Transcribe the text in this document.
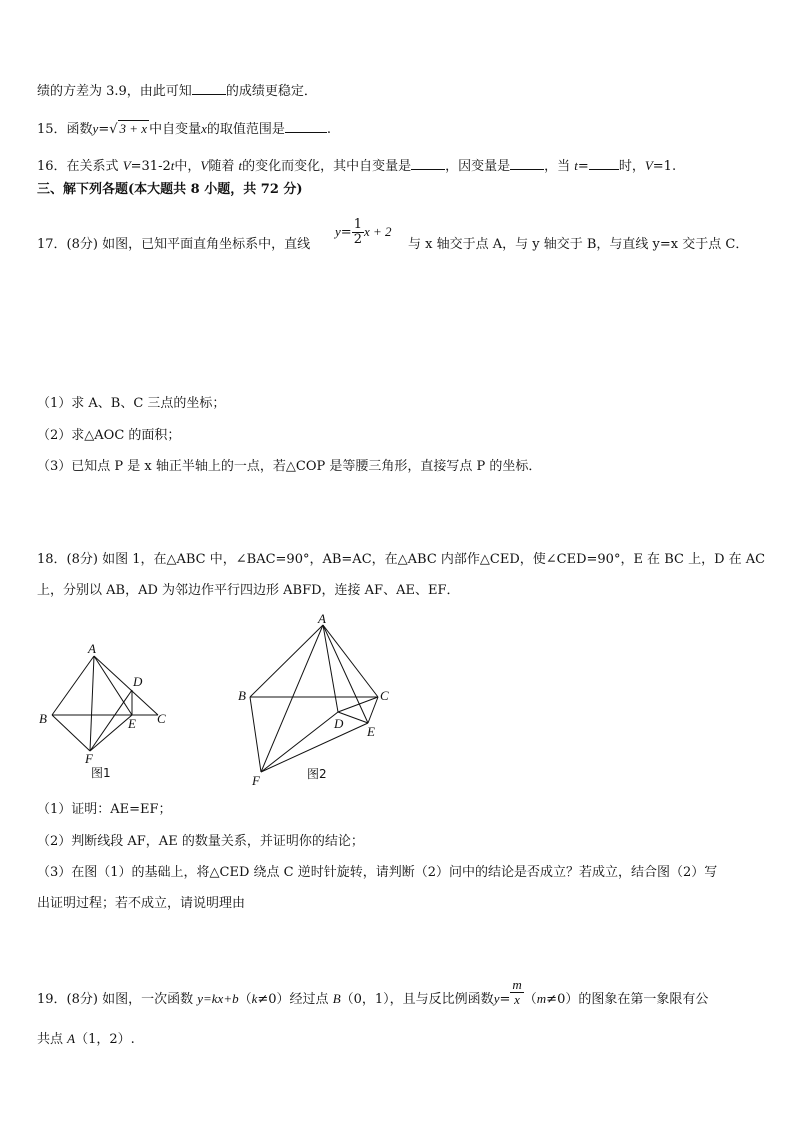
绩的方差为 3.9，由此可知	的成绩更稳定．
15．函数y=√ 3 + x 中自变量x的取值范围是	.
16．在关系式 V=31-2t中，V随着 t的变化而变化，其中自变量是	，因变量是	，当 t= 时，V=1.
三、解下列各题(本大题共 8 小题，共 72 分)
17．(8分) 如图，已知平面直角坐标系中，直线
$y= \frac{1}{2}$ x + 2
与 x 轴交于点 A，与 y 轴交于 B，与直线 y=x 交于点 C．
（1）求 A、B、C 三点的坐标；
（2）求△AOC 的面积；
（3）已知点 P 是 x 轴正半轴上的一点，若△COP 是等腰三角形，直接写点 P 的坐标．
18．(8分) 如图 1，在△ABC 中，∠BAC=90°，AB=AC，在△ABC 内部作△CED，使∠CED=90°，E 在 BC 上，D 在 AC
上，分别以 AB，AD 为邻边作平行四边形 ABFD，连接 AF、AE、EF．
A
B	C
D
E
F
图1
A
B	C
D
E
F	图2
（1）证明：AE=EF；
（2）判断线段 AF，AE 的数量关系，并证明你的结论；
（3）在图（1）的基础上，将△CED 绕点 C 逆时针旋转，请判断（2）问中的结论是否成立？若成立，结合图（2）写
出证明过程；若不成立，请说明理由
19．(8分) 如图，一次函数 y=kx+b（k≠0）经过点 B（0，1），且与反比例函数$y= \frac{m}{x} (m\ne 0)$的图象在第一象限有公
共点 A（1，2）.
